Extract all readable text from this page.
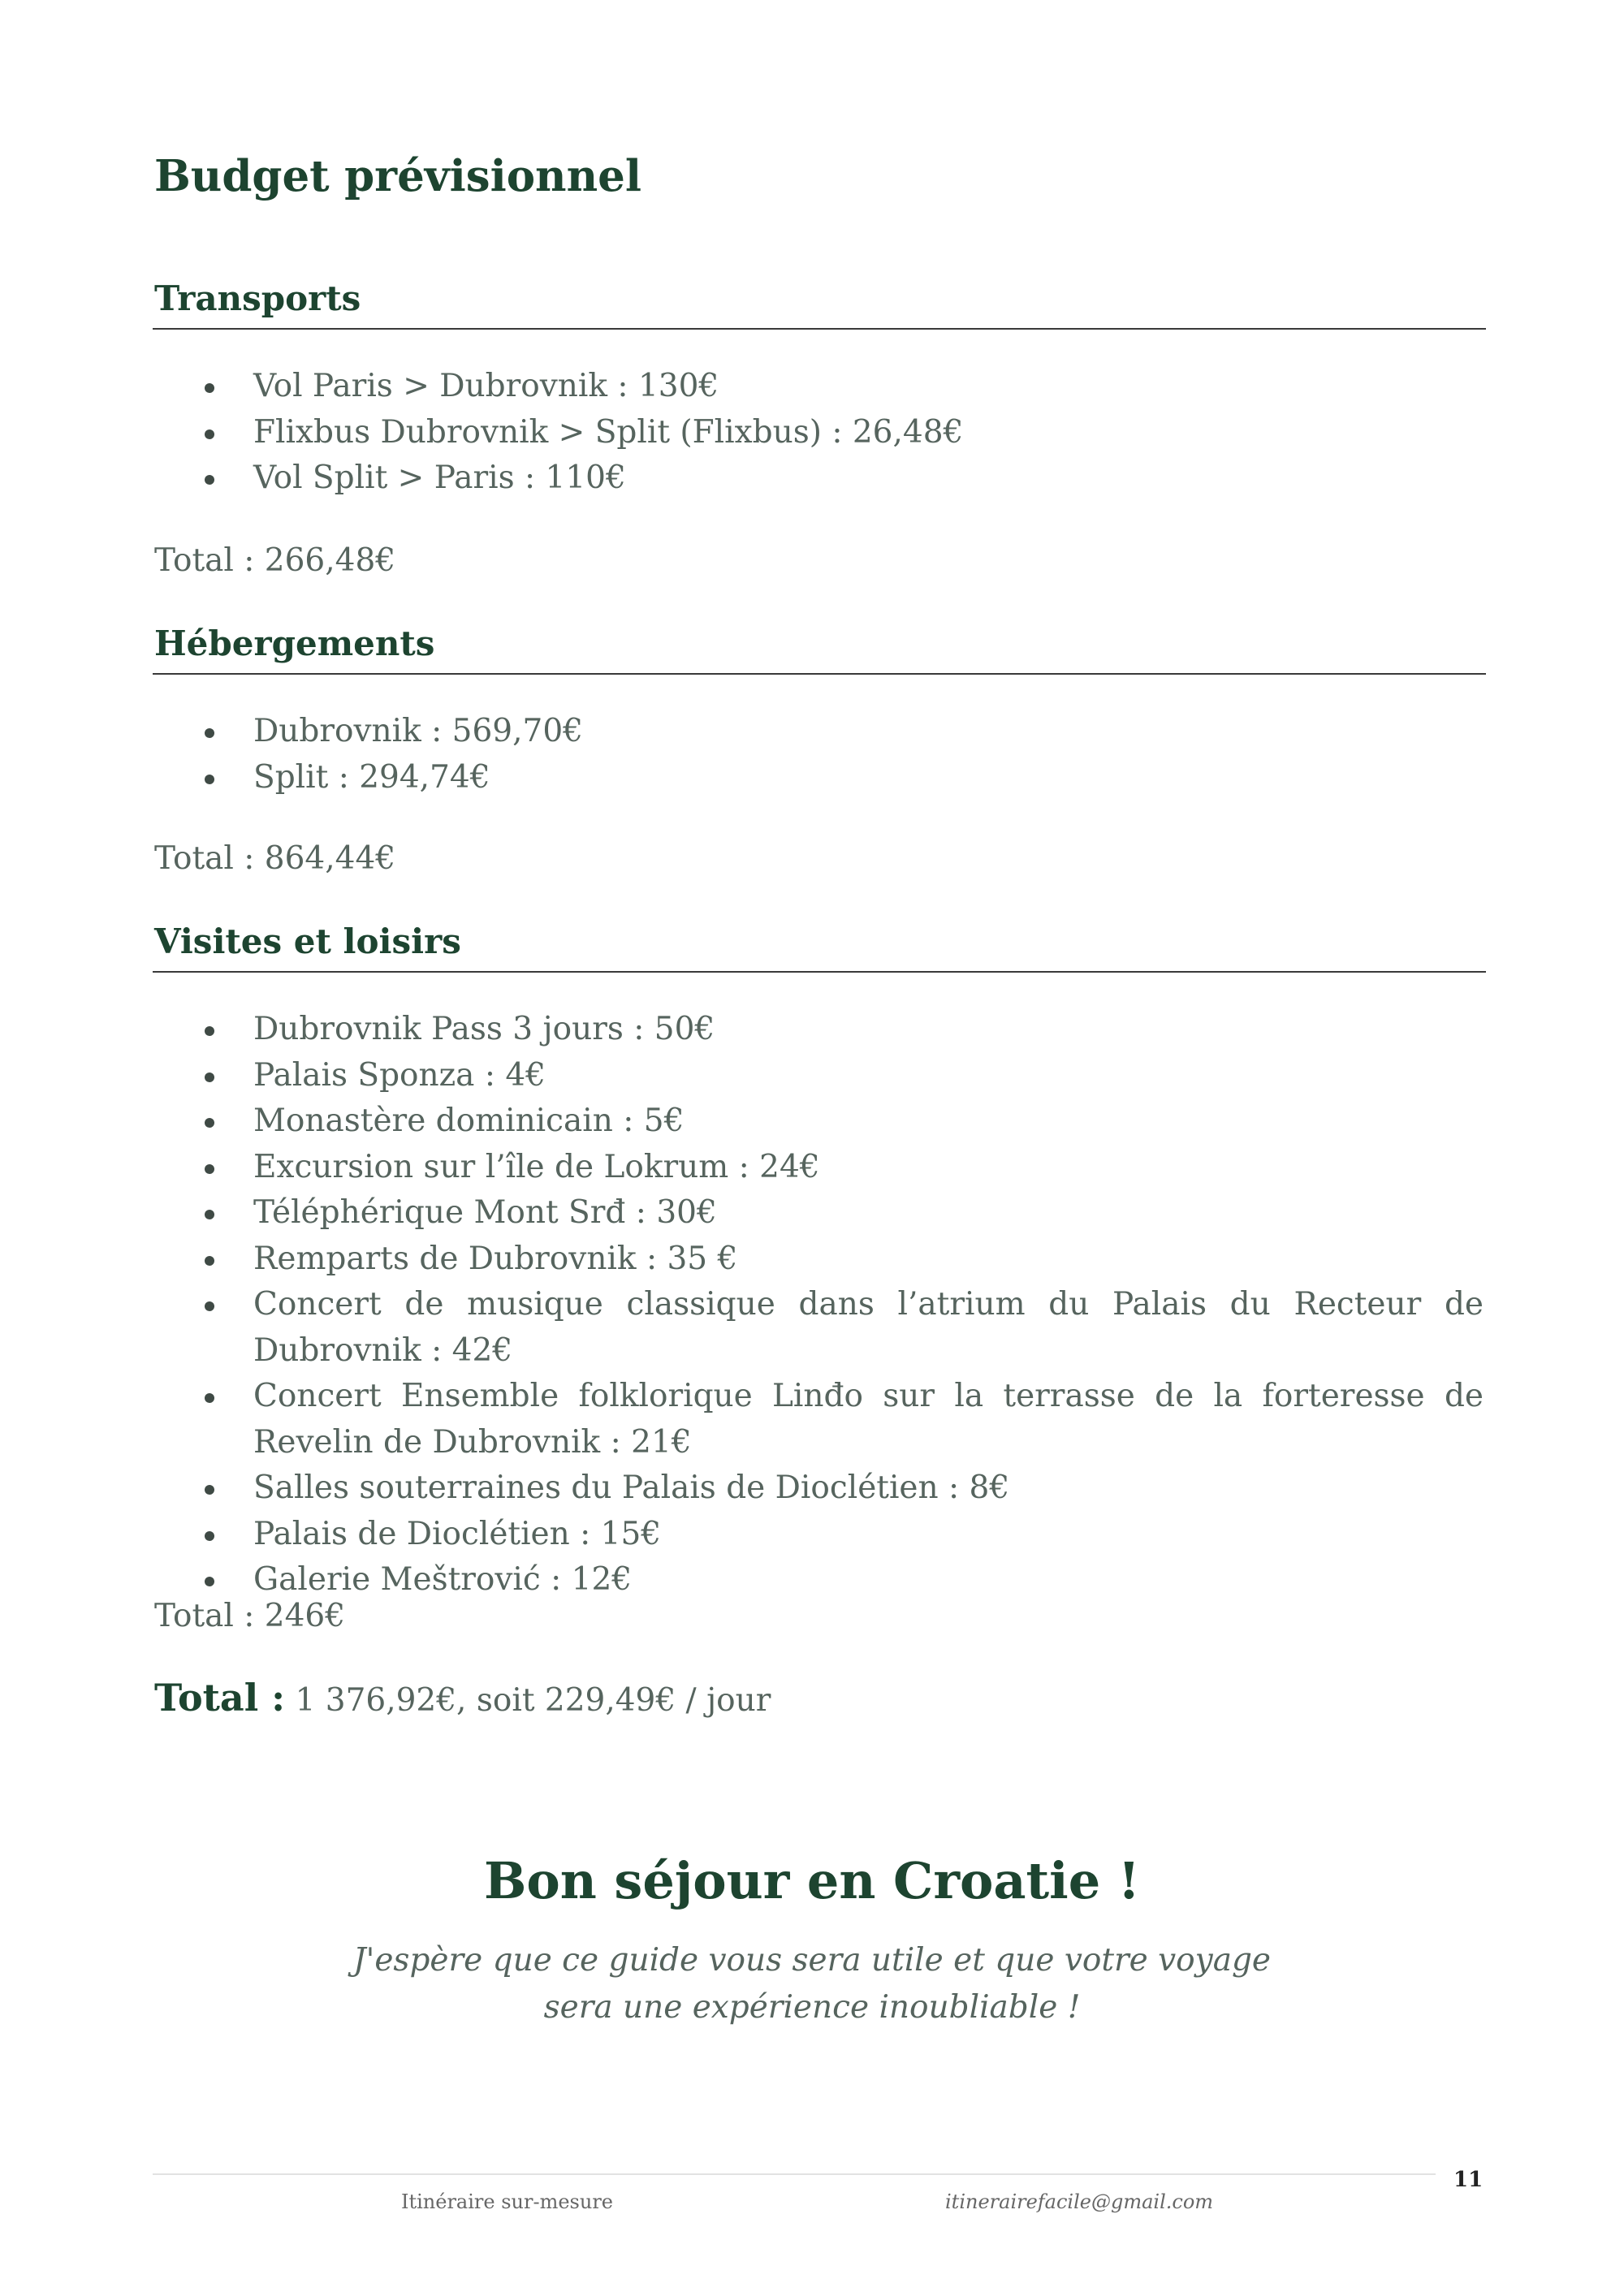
Budget prévisionnel
Transports
Vol Paris > Dubrovnik : 130€
Flixbus Dubrovnik > Split (Flixbus) : 26,48€
Vol Split > Paris : 110€

Total : 266,48€

Hébergements
Dubrovnik : 569,70€
Split : 294,74€

Total : 864,44€

Visites et loisirs
Dubrovnik Pass 3 jours : 50€
Palais Sponza : 4€
Monastère dominicain : 5€
Excursion sur l’île de Lokrum : 24€
Téléphérique Mont Srđ : 30€
Remparts de Dubrovnik : 35 €
Concert de musique classique dans l’atrium du Palais du Recteur de Dubrovnik : 42€
Concert Ensemble folklorique Linđo sur la terrasse de la forteresse de Revelin de Dubrovnik : 21€
Salles souterraines du Palais de Dioclétien : 8€
Palais de Dioclétien : 15€
Galerie Meštrović : 12€

Total : 246€

Total : 1 376,92€, soit 229,49€ / jour

Bon séjour en Croatie !

J'espère que ce guide vous sera utile et que votre voyage
sera une expérience inoubliable !

11
Itinéraire sur-mesure	itinerairefacile@gmail.com
